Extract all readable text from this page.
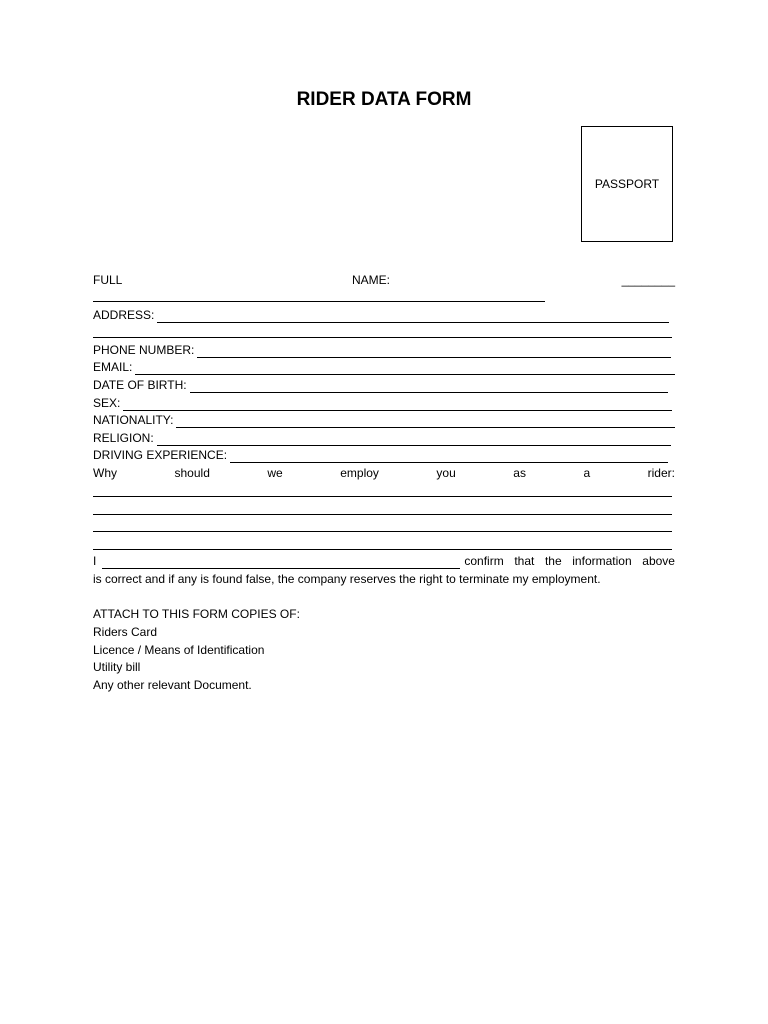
RIDER DATA FORM
PASSPORT
FULL	NAME:	________
ADDRESS:
PHONE NUMBER:
EMAIL:
DATE OF BIRTH:
SEX:
NATIONALITY:
RELIGION:
DRIVING EXPERIENCE:
Why	should	we	employ	you	as	a	rider:
I	confirm that the information above
is correct and if any is found false, the company reserves the right to terminate my employment.
ATTACH TO THIS FORM COPIES OF:
Riders Card
Licence / Means of Identification
Utility bill
Any other relevant Document.
